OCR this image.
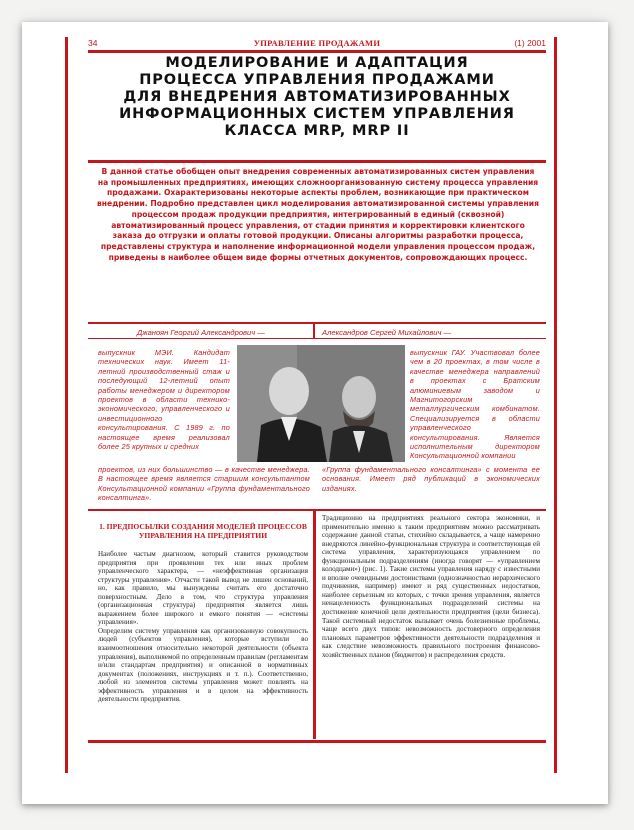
34	УПРАВЛЕНИЕ ПРОДАЖАМИ	(1) 2001
МОДЕЛИРОВАНИЕ И АДАПТАЦИЯ
ПРОЦЕССА УПРАВЛЕНИЯ ПРОДАЖАМИ
ДЛЯ ВНЕДРЕНИЯ АВТОМАТИЗИРОВАННЫХ
ИНФОРМАЦИОННЫХ СИСТЕМ УПРАВЛЕНИЯ
КЛАССА MRP, MRP II
В данной статье обобщен опыт внедрения современных автоматизированных систем управления на промышленных предприятиях, имеющих сложноорганизованную систему процесса управления продажами. Охарактеризованы некоторые аспекты проблем, возникающие при практическом внедрении. Подробно представлен цикл моделирования автоматизированной системы управления процессом продаж продукции предприятия, интегрированный в единый (сквозной) автоматизированный процесс управления, от стадии принятия и корректировки клиентского заказа до отгрузки и оплаты готовой продукции. Описаны алгоритмы разработки процесса, представлены структура и наполнение информационной модели управления процессом продаж, приведены в наиболее общем виде формы отчетных документов, сопровождающих процесс.
Джаноян Георгий Александрович —	Александров Сергей Михайлович —
выпускник МЭИ. Кандидат технических наук. Имеет 11-летний производственный стаж и последующий 12-летний опыт работы менеджером и директором проектов в области технико-экономического, управленческого и инвестиционного консультирования. С 1989 г. по настоящее время реализовал более 25 крупных и средних
выпускник ГАУ. Участвовал более чем в 20 проектах, в том числе в качестве менеджера направлений в проектах с Братским алюминиевым заводом и Магнитогорским металлургическим комбинатом. Специализируется в области управленческого консультирования. Является исполнительным директором Консультационной компании
проектов, из них большинство — в качестве менеджера. В настоящее время является старшим консультантом Консультационной компании «Группа фундаментального консалтинга».
«Группа фундаментального консалтинга» с момента ее основания. Имеет ряд публикаций в экономических изданиях.
1. ПРЕДПОСЫЛКИ СОЗДАНИЯ МОДЕЛЕЙ ПРОЦЕССОВ УПРАВЛЕНИЯ НА ПРЕДПРИЯТИИ

Наиболее частым диагнозом, который ставится руководством предприятия при проявлении тех или иных проблем управленческого характера, — «неэффективная организация структуры управления». Отчасти такой вывод не лишен оснований, но, как правило, мы вынуждены считать его достаточно поверхностным. Дело в том, что структура управления (организационная структура) предприятия является лишь выражением более широкого и емкого понятия — «системы управления».

Определим систему управления как организованную совокупность людей (субъектов управления), которые вступили во взаимоотношения относительно некоторой деятельности (объекта управления), выполняемой по определенным правилам (регламентам и/или стандартам предприятия) и описанной в нормативных документах (положениях, инструкциях и т. п.). Соответственно, любой из элементов системы управления может повлиять на эффективность управления и в целом на эффективность деятельности предприятия.

Традиционно на предприятиях реального сектора экономики, и применительно именно к таким предприятиям можно рассматривать содержание данной статьи, стихийно складывается, а чаще намеренно внедряются линейно-функциональная структура и соответствующая ей система управления, характеризующаяся управлением по функциональным подразделениям (иногда говорят — «управлением колодцами») (рис. 1). Такие системы управления наряду с известными и вполне очевидными достоинствами (однозначностью иерархического подчинения, например) имеют и ряд существенных недостатков, наиболее серьезным из которых, с точки зрения управления, является ненацеленность функциональных подразделений системы на достижение конечной цели деятельности предприятия (цели бизнеса). Такой системный недостаток вызывает очень болезненные проблемы, чаще всего двух типов: невозможность достоверного определения плановых параметров эффективности деятельности подразделения и как следствие невозможность правильного построения финансово-хозяйственных планов (бюджетов) и распределения средств.
